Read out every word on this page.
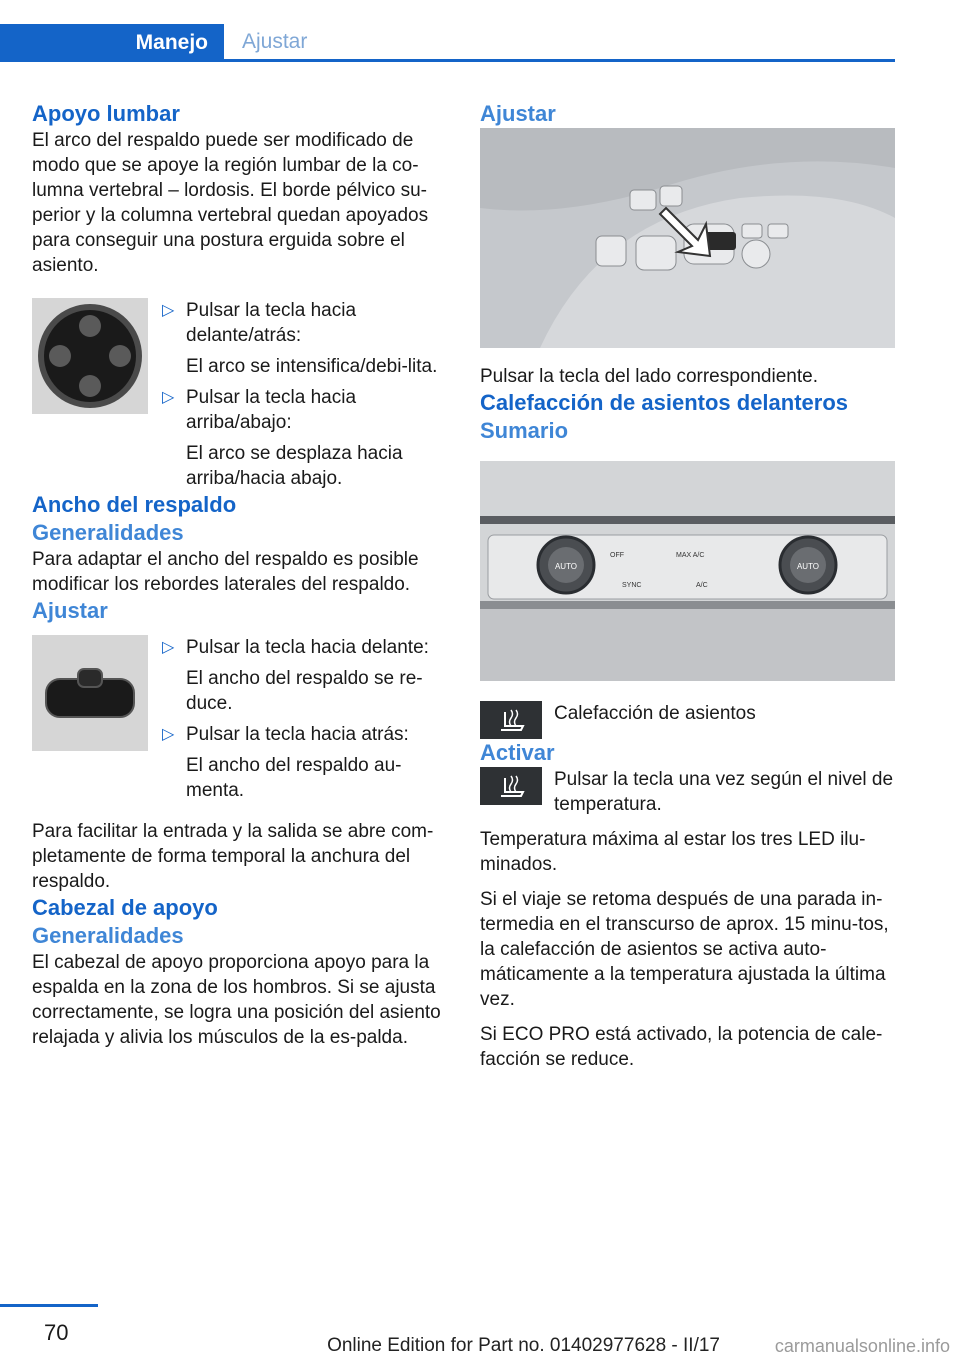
Manejo	Ajustar
Apoyo lumbar

El arco del respaldo puede ser modificado de modo que se apoye la región lumbar de la co-lumna vertebral – lordosis. El borde pélvico su-perior y la columna vertebral quedan apoyados para conseguir una postura erguida sobre el asiento.

▷ Pulsar la tecla hacia delante/atrás:

El arco se intensifica/debi-lita.

▷ Pulsar la tecla hacia arriba/abajo:

El arco se desplaza hacia arriba/hacia abajo.

Ancho del respaldo
Generalidades

Para adaptar el ancho del respaldo es posible modificar los rebordes laterales del respaldo.

Ajustar
▷ Pulsar la tecla hacia delante:

El ancho del respaldo se re-duce.

▷ Pulsar la tecla hacia atrás:

El ancho del respaldo au-menta.

Para facilitar la entrada y la salida se abre com-pletamente de forma temporal la anchura del respaldo.

Cabezal de apoyo
Generalidades

El cabezal de apoyo proporciona apoyo para la espalda en la zona de los hombros. Si se ajusta correctamente, se logra una posición del asiento relajada y alivia los músculos de la es-palda.

Ajustar

Pulsar la tecla del lado correspondiente.

Calefacción de asientos delanteros
Sumario
AUTO	AUTO
OFF	MAX A/C
SYNC	A/C

Calefacción de asientos

Activar

Pulsar la tecla una vez según el nivel de temperatura.

Temperatura máxima al estar los tres LED ilu-minados.

Si el viaje se retoma después de una parada in-termedia en el transcurso de aprox. 15 minu-tos, la calefacción de asientos se activa auto-máticamente a la temperatura ajustada la última vez.

Si ECO PRO está activado, la potencia de cale-facción se reduce.

70
Online Edition for Part no. 01402977628 - II/17	carmanualsonline.info
